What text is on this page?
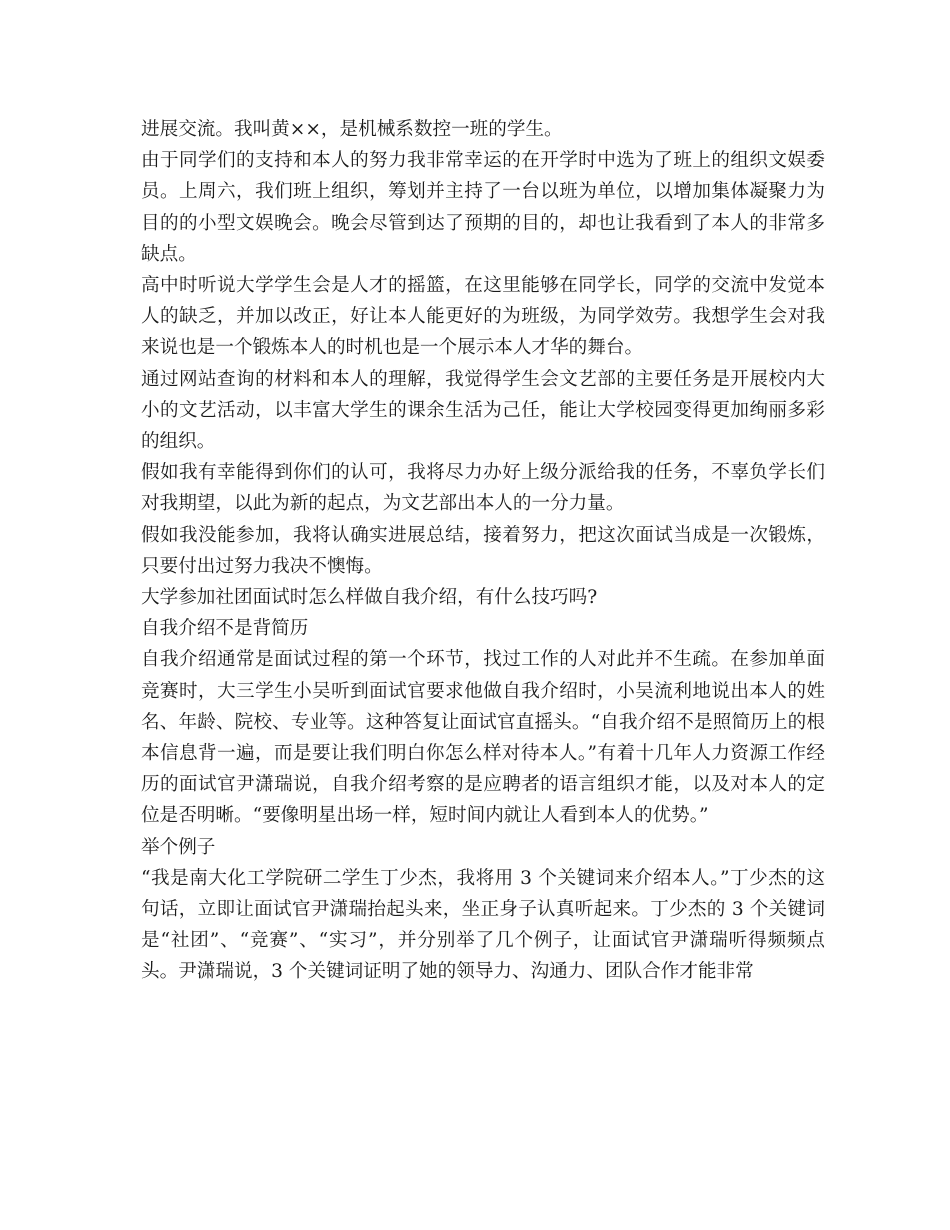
进展交流。我叫黄××，是机械系数控一班的学生。

由于同学们的支持和本人的努力我非常幸运的在开学时中选为了班上的组织文娱委员。上周六，我们班上组织，筹划并主持了一台以班为单位，以增加集体凝聚力为目的的小型文娱晚会。晚会尽管到达了预期的目的，却也让我看到了本人的非常多缺点。

高中时听说大学学生会是人才的摇篮，在这里能够在同学长，同学的交流中发觉本人的缺乏，并加以改正，好让本人能更好的为班级，为同学效劳。我想学生会对我来说也是一个锻炼本人的时机也是一个展示本人才华的舞台。

通过网站查询的材料和本人的理解，我觉得学生会文艺部的主要任务是开展校内大小的文艺活动，以丰富大学生的课余生活为己任，能让大学校园变得更加绚丽多彩的组织。

假如我有幸能得到你们的认可，我将尽力办好上级分派给我的任务，不辜负学长们对我期望，以此为新的起点，为文艺部出本人的一分力量。

假如我没能参加，我将认确实进展总结，接着努力，把这次面试当成是一次锻炼，只要付出过努力我决不懊悔。

大学参加社团面试时怎么样做自我介绍，有什么技巧吗?

自我介绍不是背简历

自我介绍通常是面试过程的第一个环节，找过工作的人对此并不生疏。在参加单面竞赛时，大三学生小吴听到面试官要求他做自我介绍时，小吴流利地说出本人的姓名、年龄、院校、专业等。这种答复让面试官直摇头。“自我介绍不是照简历上的根本信息背一遍，而是要让我们明白你怎么样对待本人。”有着十几年人力资源工作经历的面试官尹潇瑞说，自我介绍考察的是应聘者的语言组织才能，以及对本人的定位是否明晰。“要像明星出场一样，短时间内就让人看到本人的优势。”

举个例子

“我是南大化工学院研二学生丁少杰，我将用 3 个关键词来介绍本人。”丁少杰的这句话，立即让面试官尹潇瑞抬起头来，坐正身子认真听起来。丁少杰的 3 个关键词是“社团”、“竞赛”、“实习”，并分别举了几个例子，让面试官尹潇瑞听得频频点头。尹潇瑞说，3 个关键词证明了她的领导力、沟通力、团队合作才能非常
